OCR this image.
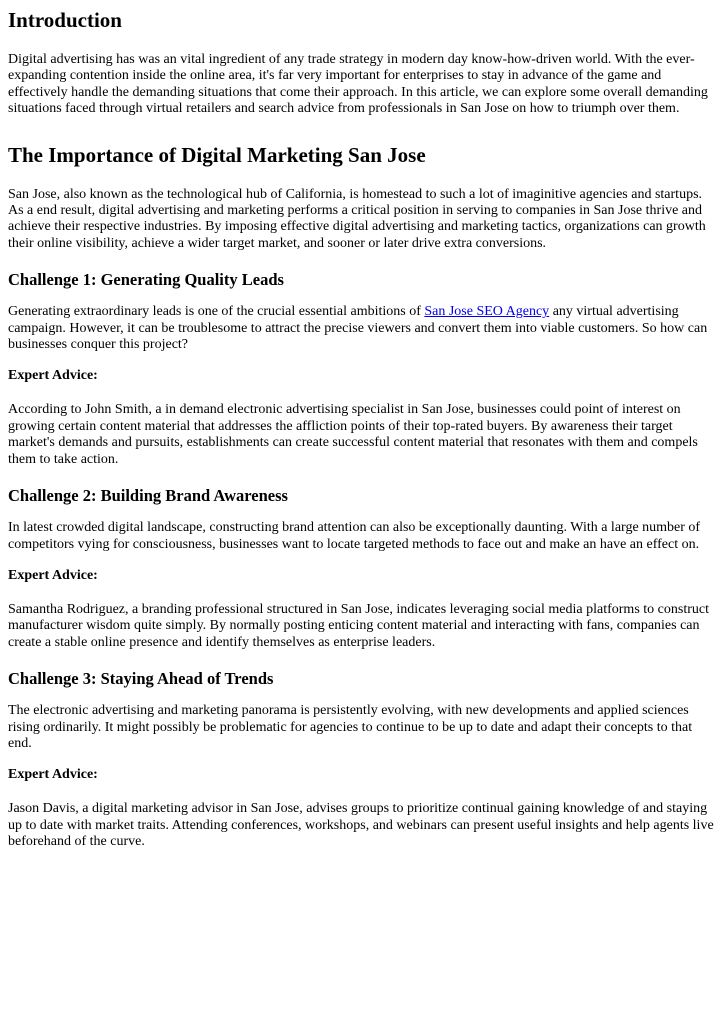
Introduction

Digital advertising has was an vital ingredient of any trade strategy in modern day know-how-driven world. With the ever-expanding contention inside the online area, it's far very important for enterprises to stay in advance of the game and effectively handle the demanding situations that come their approach. In this article, we can explore some overall demanding situations faced through virtual retailers and search advice from professionals in San Jose on how to triumph over them.

The Importance of Digital Marketing San Jose

San Jose, also known as the technological hub of California, is homestead to such a lot of imaginitive agencies and startups. As a end result, digital advertising and marketing performs a critical position in serving to companies in San Jose thrive and achieve their respective industries. By imposing effective digital advertising and marketing tactics, organizations can growth their online visibility, achieve a wider target market, and sooner or later drive extra conversions.

Challenge 1: Generating Quality Leads

Generating extraordinary leads is one of the crucial essential ambitions of San Jose SEO Agency any virtual advertising campaign. However, it can be troublesome to attract the precise viewers and convert them into viable customers. So how can businesses conquer this project?

Expert Advice:

According to John Smith, a in demand electronic advertising specialist in San Jose, businesses could point of interest on growing certain content material that addresses the affliction points of their top-rated buyers. By awareness their target market's demands and pursuits, establishments can create successful content material that resonates with them and compels them to take action.

Challenge 2: Building Brand Awareness

In latest crowded digital landscape, constructing brand attention can also be exceptionally daunting. With a large number of competitors vying for consciousness, businesses want to locate targeted methods to face out and make an have an effect on.

Expert Advice:

Samantha Rodriguez, a branding professional structured in San Jose, indicates leveraging social media platforms to construct manufacturer wisdom quite simply. By normally posting enticing content material and interacting with fans, companies can create a stable online presence and identify themselves as enterprise leaders.

Challenge 3: Staying Ahead of Trends

The electronic advertising and marketing panorama is persistently evolving, with new developments and applied sciences rising ordinarily. It might possibly be problematic for agencies to continue to be up to date and adapt their concepts to that end.

Expert Advice:

Jason Davis, a digital marketing advisor in San Jose, advises groups to prioritize continual gaining knowledge of and staying up to date with market traits. Attending conferences, workshops, and webinars can present useful insights and help agents live beforehand of the curve.
